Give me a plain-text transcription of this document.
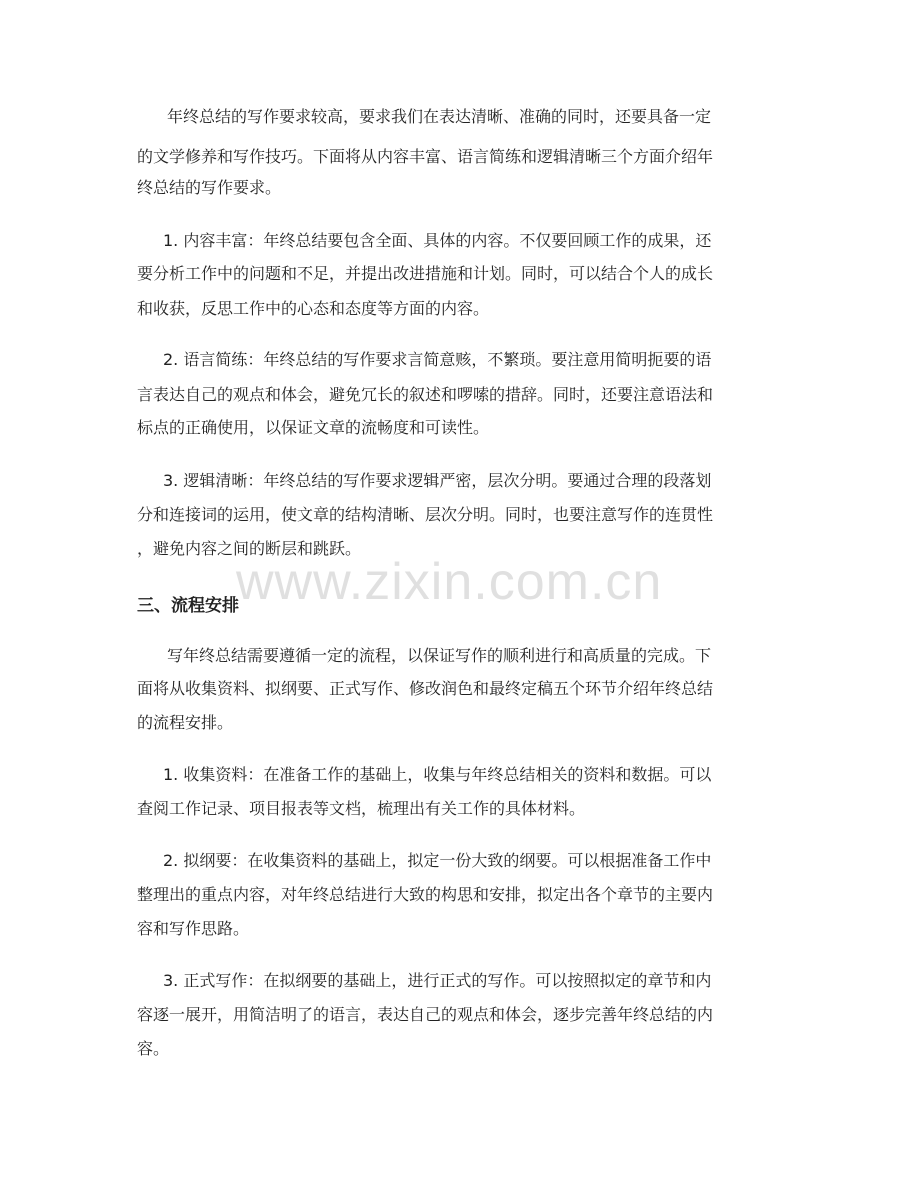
www.zixin.com.cn
年终总结的写作要求较高，要求我们在表达清晰、准确的同时，还要具备一定
的文学修养和写作技巧。下面将从内容丰富、语言简练和逻辑清晰三个方面介绍年
终总结的写作要求。
1. 内容丰富：年终总结要包含全面、具体的内容。不仅要回顾工作的成果，还
要分析工作中的问题和不足，并提出改进措施和计划。同时，可以结合个人的成长
和收获，反思工作中的心态和态度等方面的内容。
2. 语言简练：年终总结的写作要求言简意赅，不繁琐。要注意用简明扼要的语
言表达自己的观点和体会，避免冗长的叙述和啰嗦的措辞。同时，还要注意语法和
标点的正确使用，以保证文章的流畅度和可读性。
3. 逻辑清晰：年终总结的写作要求逻辑严密，层次分明。要通过合理的段落划
分和连接词的运用，使文章的结构清晰、层次分明。同时，也要注意写作的连贯性
，避免内容之间的断层和跳跃。
三、流程安排
写年终总结需要遵循一定的流程，以保证写作的顺利进行和高质量的完成。下
面将从收集资料、拟纲要、正式写作、修改润色和最终定稿五个环节介绍年终总结
的流程安排。
1. 收集资料：在准备工作的基础上，收集与年终总结相关的资料和数据。可以
查阅工作记录、项目报表等文档，梳理出有关工作的具体材料。
2. 拟纲要：在收集资料的基础上，拟定一份大致的纲要。可以根据准备工作中
整理出的重点内容，对年终总结进行大致的构思和安排，拟定出各个章节的主要内
容和写作思路。
3. 正式写作：在拟纲要的基础上，进行正式的写作。可以按照拟定的章节和内
容逐一展开，用简洁明了的语言，表达自己的观点和体会，逐步完善年终总结的内
容。
